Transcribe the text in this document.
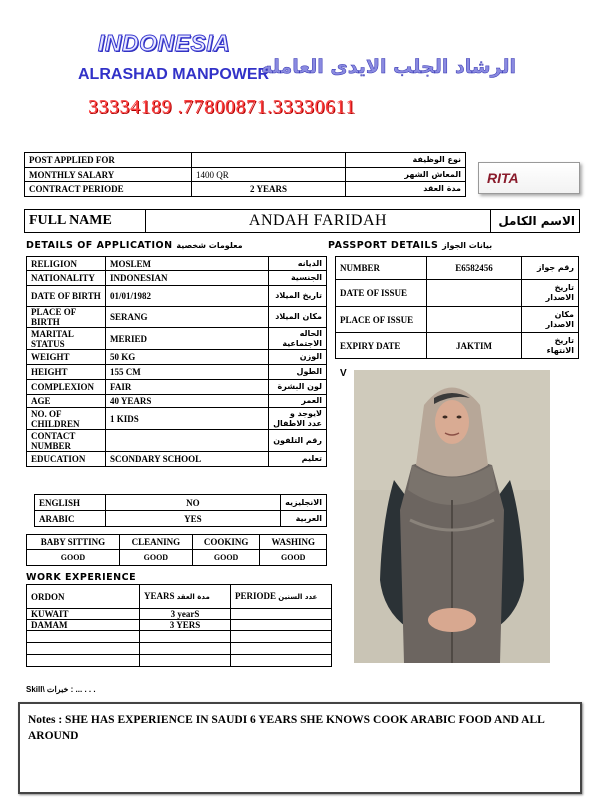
INDONESIA
ALRASHAD MANPOWER
33334189 .77800871.33330611
الرشاد الجلب الايدى العامله
POST APPLIED FOR		نوع الوظيفة
MONTHLY SALARY	1400 QR	المعاش الشهر
CONTRACT PERIODE	2 YEARS	مدة العقد
RITA
FULL NAME	ANDAH FARIDAH	الاسم الكامل
DETAILS OF APPLICATION معلومات شخصية	PASSPORT DETAILS بيانات الجواز
RELIGION	MOSLEM	الديانه
NATIONALITY	INDONESIAN	الجنسية
DATE OF BIRTH	01/01/1982	تاريخ الميلاد
PLACE OF BIRTH	SERANG	مكان الميلاد
MARITAL STATUS	MERIED	الحاله الاجتماعية
WEIGHT	50 KG	الوزن
HEIGHT	155 CM	الطول
COMPLEXION	FAIR	لون البشرة
AGE	40 YEARS	العمر
NO. OF CHILDREN	1 KIDS	لايوجد و عدد الاطفال
CONTACT NUMBER		رقم التلفون
EDUCATION	SCONDARY SCHOOL	تعليم
ENGLISH	NO	الانجليزيه
ARABIC	YES	العربية
NUMBER	E6582456	رقم جواز
DATE OF ISSUE		تاريخ الاصدار
PLACE OF ISSUE		مكان الاصدار
EXPIRY DATE	JAKTIM	تاريخ الانتهاء
V
BABY SITTING	CLEANING	COOKING	WASHING
GOOD	GOOD	GOOD	GOOD
WORK EXPERIENCE
ORDON	YEARS مدة العقد	PERIODE عدد السنين
KUWAIT	3 yearS	
DAMAM	3 YERS	

Skill\ خبرات : ... . . .
Notes : SHE HAS EXPERIENCE IN SAUDI 6 YEARS SHE KNOWS COOK ARABIC FOOD AND ALL AROUND
